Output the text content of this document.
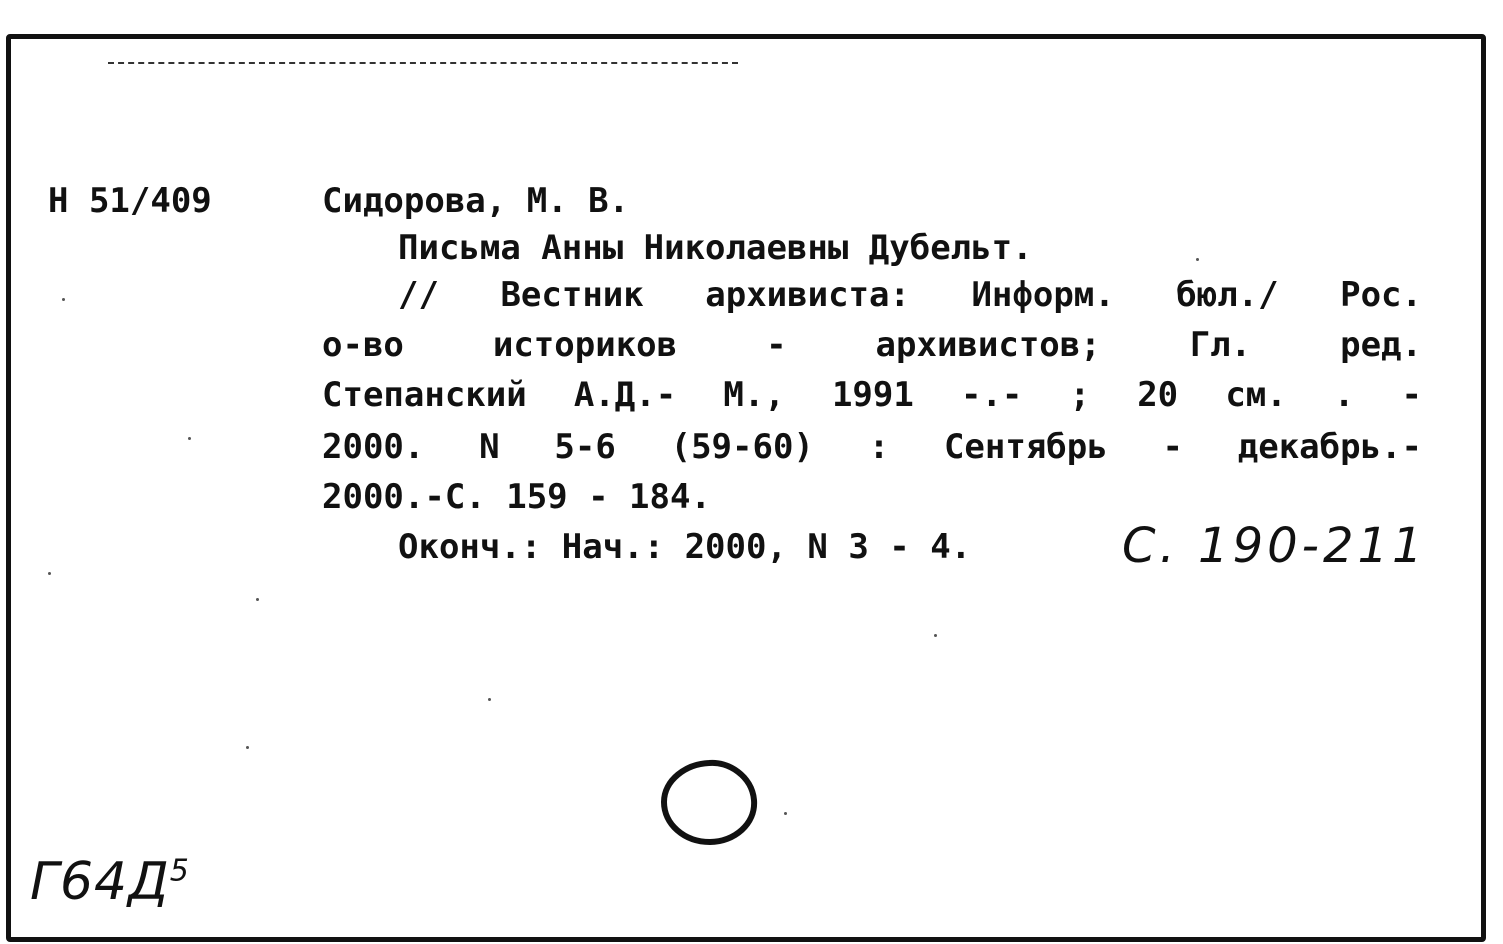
Н 51/409	Сидорова, М. В.
Письма Анны Николаевны Дубельт.
// Вестник архивиста: Информ. бюл./ Рос.
о-во историков - архивистов; Гл. ред.
Степанский А.Д.- М., 1991 -.- ; 20 см. . -
2000. N 5-6 (59-60) : Сентябрь - декабрь.-
2000.-С. 159 - 184.
Оконч.: Нач.: 2000, N 3 - 4.	С. 190-211
$Г64Д^5$
